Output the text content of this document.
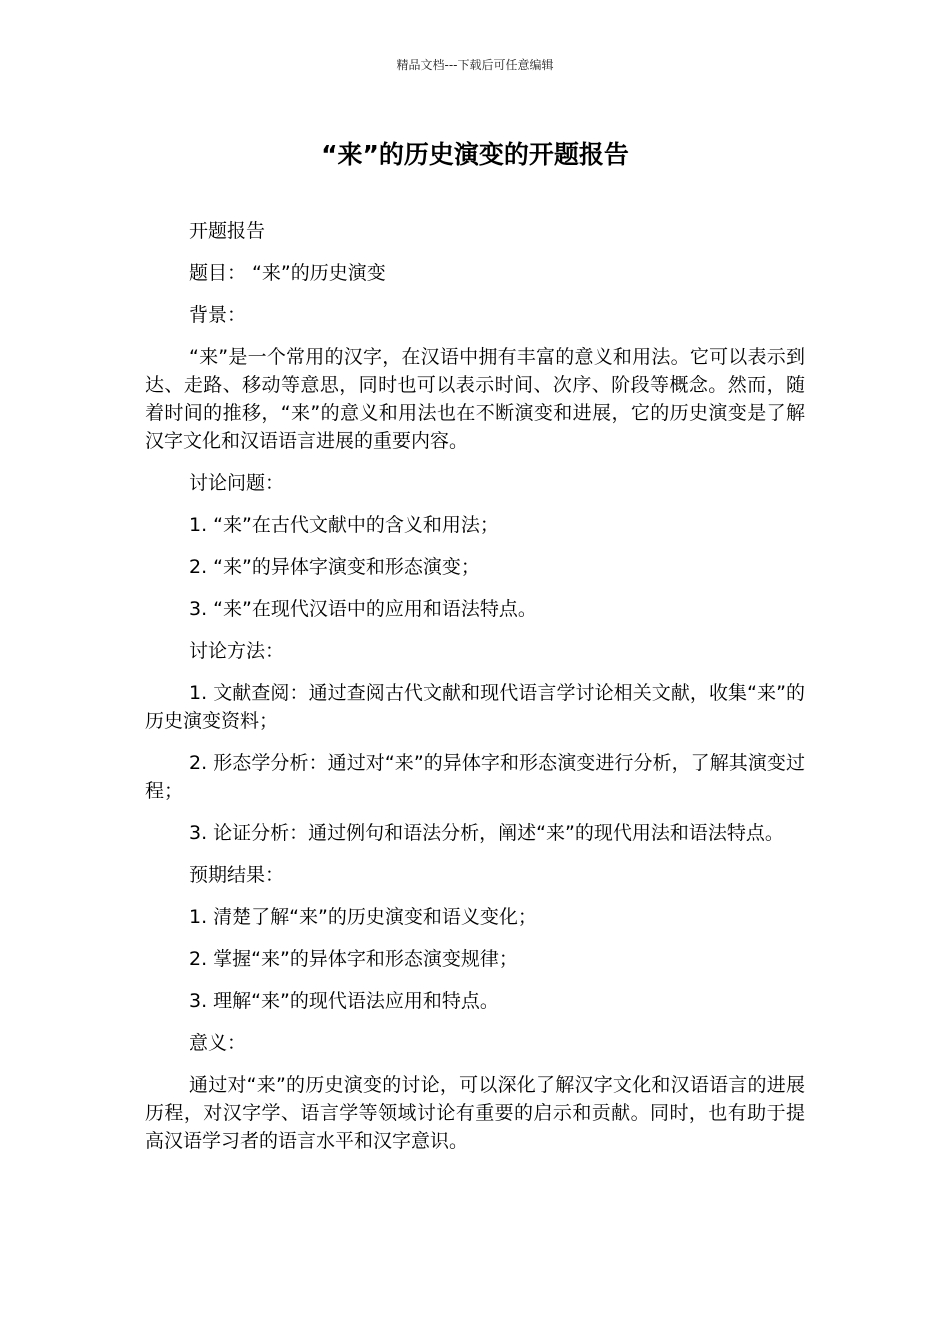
精品文档---下载后可任意编辑
“来”的历史演变的开题报告

开题报告

题目： “来”的历史演变

背景：

“来”是一个常用的汉字，在汉语中拥有丰富的意义和用法。它可以表示到达、走路、移动等意思，同时也可以表示时间、次序、阶段等概念。然而，随着时间的推移，“来”的意义和用法也在不断演变和进展，它的历史演变是了解汉字文化和汉语语言进展的重要内容。

讨论问题：

1. “来”在古代文献中的含义和用法；

2. “来”的异体字演变和形态演变；

3. “来”在现代汉语中的应用和语法特点。

讨论方法：

1. 文献查阅：通过查阅古代文献和现代语言学讨论相关文献，收集“来”的历史演变资料；

2. 形态学分析：通过对“来”的异体字和形态演变进行分析，了解其演变过程；

3. 论证分析：通过例句和语法分析，阐述“来”的现代用法和语法特点。

预期结果：

1. 清楚了解“来”的历史演变和语义变化；

2. 掌握“来”的异体字和形态演变规律；

3. 理解“来”的现代语法应用和特点。

意义：

通过对“来”的历史演变的讨论，可以深化了解汉字文化和汉语语言的进展历程，对汉字学、语言学等领域讨论有重要的启示和贡献。同时，也有助于提高汉语学习者的语言水平和汉字意识。
